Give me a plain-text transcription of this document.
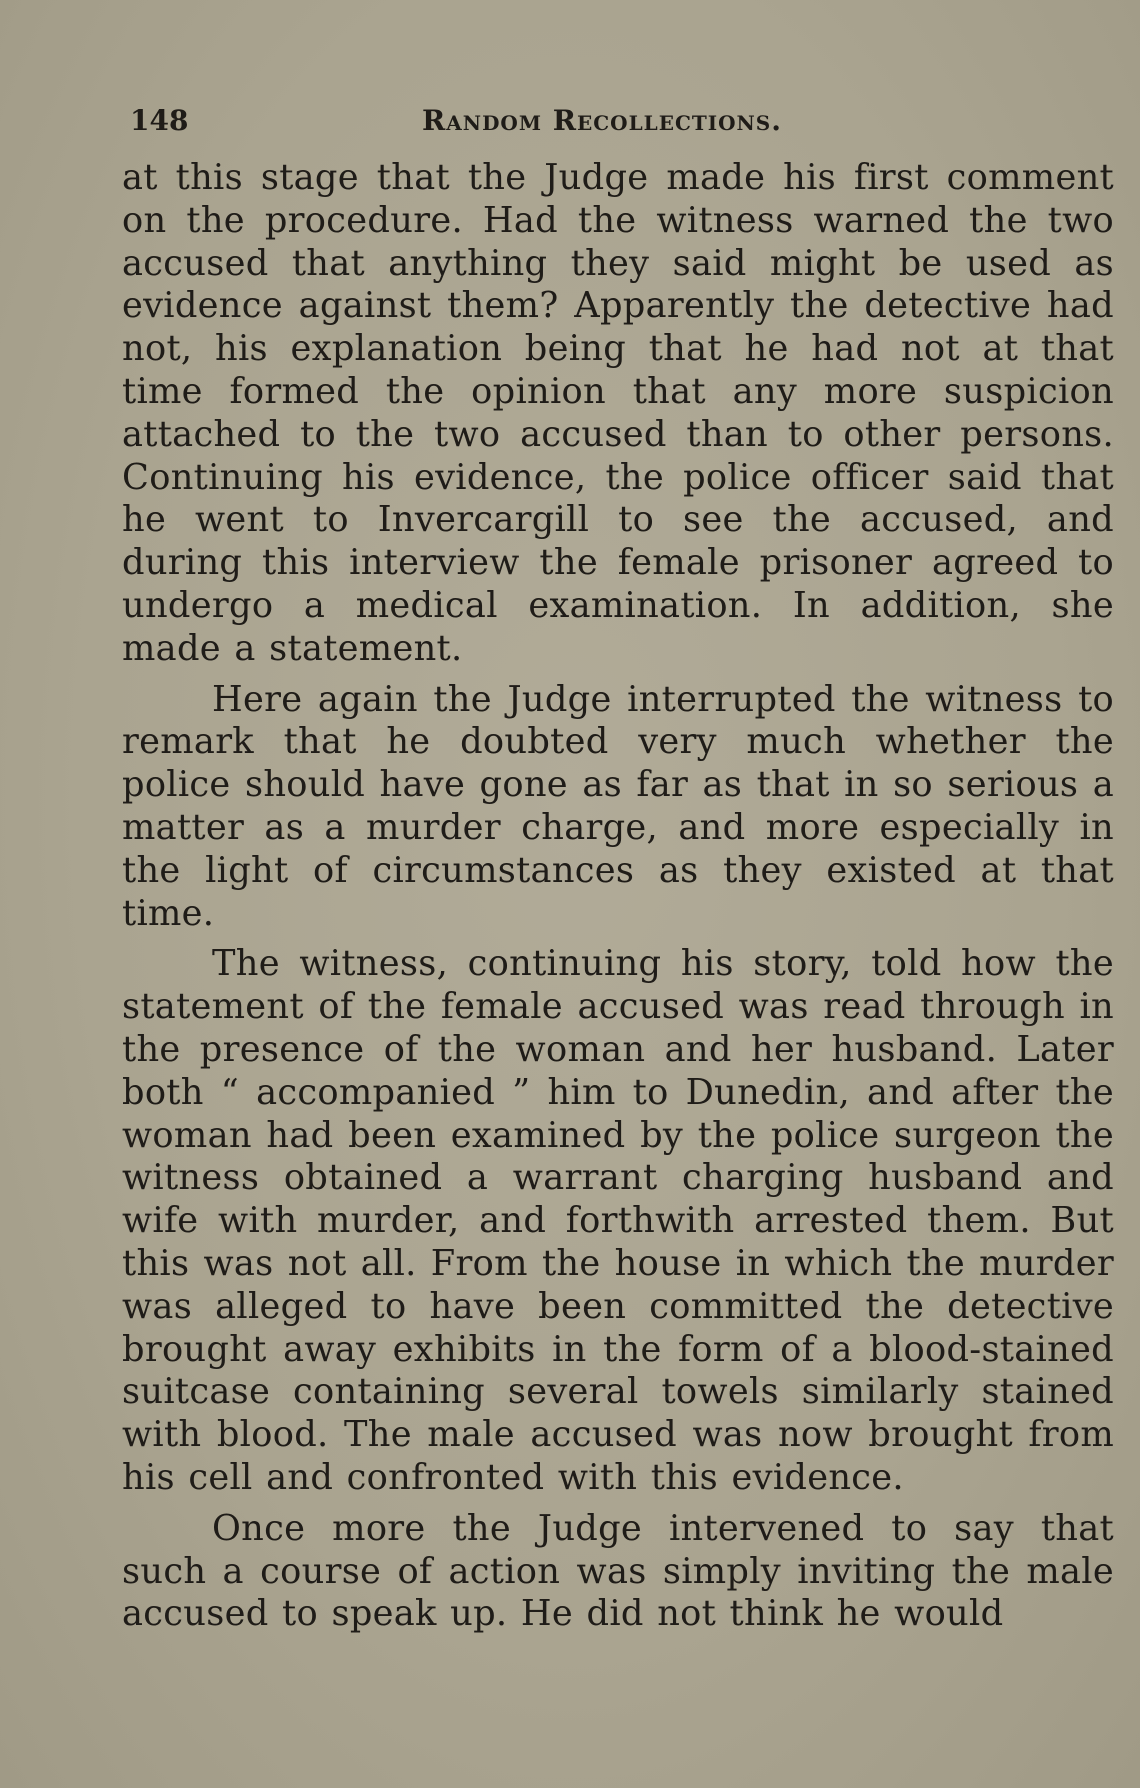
148	Random Recollections.

at this stage that the Judge made his first comment on the procedure. Had the witness warned the two accused that anything they said might be used as evidence against them? Apparently the detective had not, his explanation being that he had not at that time formed the opinion that any more suspicion attached to the two accused than to other persons. Continuing his evidence, the police officer said that he went to Invercargill to see the accused, and during this interview the female prisoner agreed to undergo a medical examination. In addition, she made a statement.

Here again the Judge interrupted the witness to remark that he doubted very much whether the police should have gone as far as that in so serious a matter as a murder charge, and more especially in the light of circumstances as they existed at that time.

The witness, continuing his story, told how the statement of the female accused was read through in the presence of the woman and her husband. Later both “ accompanied ” him to Dunedin, and after the woman had been examined by the police surgeon the witness obtained a warrant charging husband and wife with murder, and forthwith arrested them. But this was not all. From the house in which the murder was alleged to have been committed the detective brought away exhibits in the form of a blood-stained suitcase containing several towels similarly stained with blood. The male accused was now brought from his cell and confronted with this evidence.

Once more the Judge intervened to say that such a course of action was simply inviting the male accused to speak up. He did not think he would
